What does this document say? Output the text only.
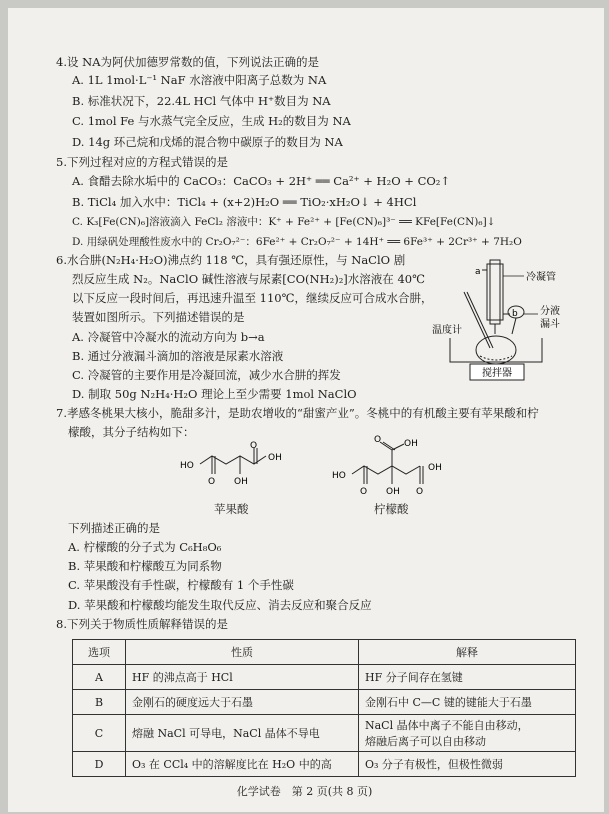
4.设 NA为阿伏加德罗常数的值，下列说法正确的是
A. 1L 1mol·L⁻¹ NaF 水溶液中阳离子总数为 NA
B. 标准状况下，22.4L HCl 气体中 H⁺数目为 NA
C. 1mol Fe 与水蒸气完全反应，生成 H₂的数目为 NA
D. 14g 环己烷和戊烯的混合物中碳原子的数目为 NA
5.下列过程对应的方程式错误的是
A. 食醋去除水垢中的 CaCO₃：CaCO₃ + 2H⁺ ══ Ca²⁺ + H₂O + CO₂↑
B. TiCl₄ 加入水中：TiCl₄ + (x+2)H₂O ══ TiO₂·xH₂O↓ + 4HCl
C. K₃[Fe(CN)₆]溶液滴入 FeCl₂ 溶液中：K⁺ + Fe²⁺ + [Fe(CN)₆]³⁻ ══ KFe[Fe(CN)₆]↓
D. 用绿矾处理酸性废水中的 Cr₂O₇²⁻：6Fe²⁺ + Cr₂O₇²⁻ + 14H⁺ ══ 6Fe³⁺ + 2Cr³⁺ + 7H₂O
6.水合肼(N₂H₄·H₂O)沸点约 118 ℃，具有强还原性，与 NaClO 剧
烈反应生成 N₂。NaClO 碱性溶液与尿素[CO(NH₂)₂]水溶液在 40℃
以下反应一段时间后，再迅速升温至 110℃，继续反应可合成水合肼，
装置如图所示。下列描述错误的是
A. 冷凝管中冷凝水的流动方向为 b→a
B. 通过分液漏斗滴加的溶液是尿素水溶液
C. 冷凝管的主要作用是冷凝回流，减少水合肼的挥发
D. 制取 50g N₂H₄·H₂O 理论上至少需要 1mol NaClO
a
b
冷凝管
分液
漏斗
温度计
搅拌器
7.孝感冬桃果大核小，脆甜多汁，是助农增收的“甜蜜产业”。冬桃中的有机酸主要有苹果酸和柠
檬酸，其分子结构如下：
HO
O OH
O
OH
苹果酸
HO
O
O	OH
OH O
OH
柠檬酸
下列描述正确的是
A. 柠檬酸的分子式为 C₆H₈O₆
B. 苹果酸和柠檬酸互为同系物
C. 苹果酸没有手性碳，柠檬酸有 1 个手性碳
D. 苹果酸和柠檬酸均能发生取代反应、消去反应和聚合反应
8.下列关于物质性质解释错误的是
选项	性质	解释
A	HF 的沸点高于 HCl	HF 分子间存在氢键
B	金刚石的硬度远大于石墨	金刚石中 C—C 键的键能大于石墨
C	熔融 NaCl 可导电，NaCl 晶体不导电	NaCl 晶体中离子不能自由移动，
熔融后离子可以自由移动

D	O₃ 在 CCl₄ 中的溶解度比在 H₂O 中的高	O₃ 分子有极性，但极性微弱
化学试卷　第 2 页(共 8 页)
